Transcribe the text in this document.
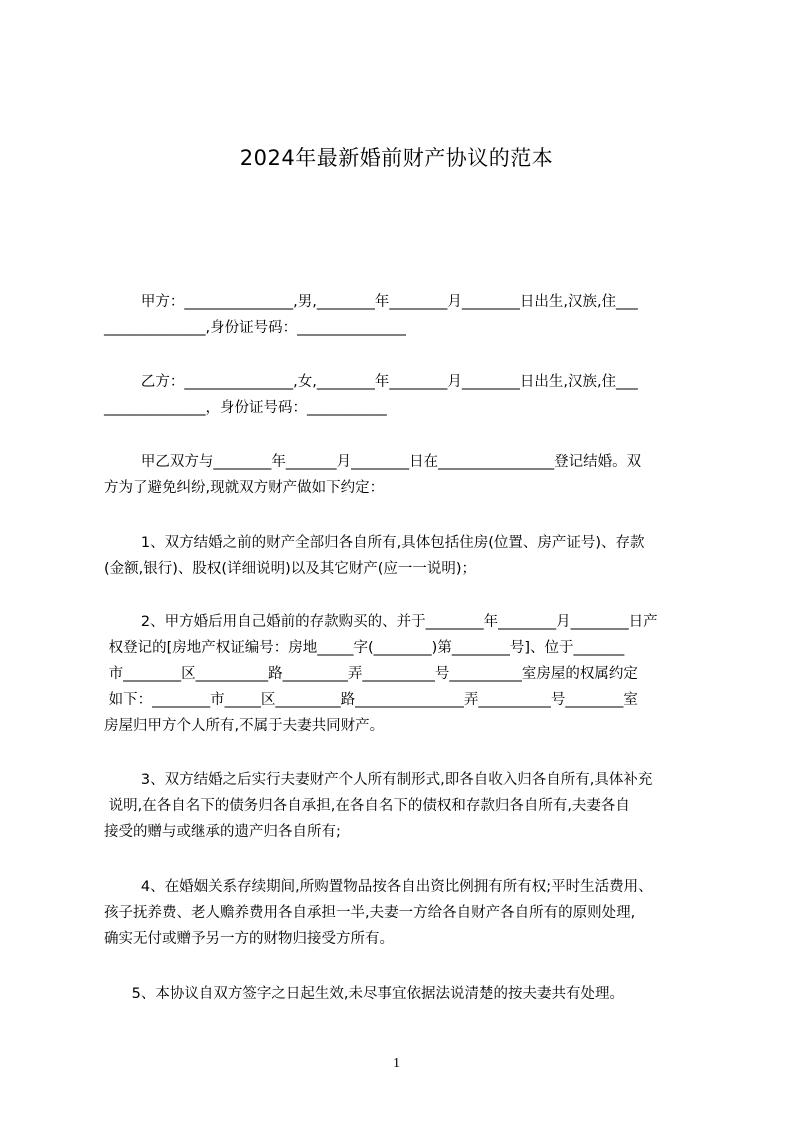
2024年最新婚前财产协议的范本

甲方：_______________,男,________年________月________日出生,汉族,住___

______________,身份证号码：_______________

乙方：_______________,女,________年________月________日出生,汉族,住___

______________，身份证号码：___________

甲乙双方与________年_______月________日在________________登记结婚。双

方为了避免纠纷,现就双方财产做如下约定：

1、双方结婚之前的财产全部归各自所有,具体包括住房(位置、房产证号)、存款

(金额,银行)、股权(详细说明)以及其它财产(应一一说明)；

2、甲方婚后用自己婚前的存款购买的、并于________年________月________日产

权登记的[房地产权证编号：房地_____字(________)第________号]、位于_______

市________区__________路_________弄__________号__________室房屋的权属约定

如下：________市_____区_________路_______________弄__________号________室

房屋归甲方个人所有,不属于夫妻共同财产。

3、双方结婚之后实行夫妻财产个人所有制形式,即各自收入归各自所有,具体补充

说明,在各自名下的债务归各自承担,在各自名下的债权和存款归各自所有,夫妻各自

接受的赠与或继承的遗产归各自所有;

4、在婚姻关系存续期间,所购置物品按各自出资比例拥有所有权;平时生活费用、

孩子抚养费、老人赡养费用各自承担一半,夫妻一方给各自财产各自所有的原则处理,

确实无付或赠予另一方的财物归接受方所有。

5、本协议自双方签字之日起生效,未尽事宜依据法说清楚的按夫妻共有处理。

1
